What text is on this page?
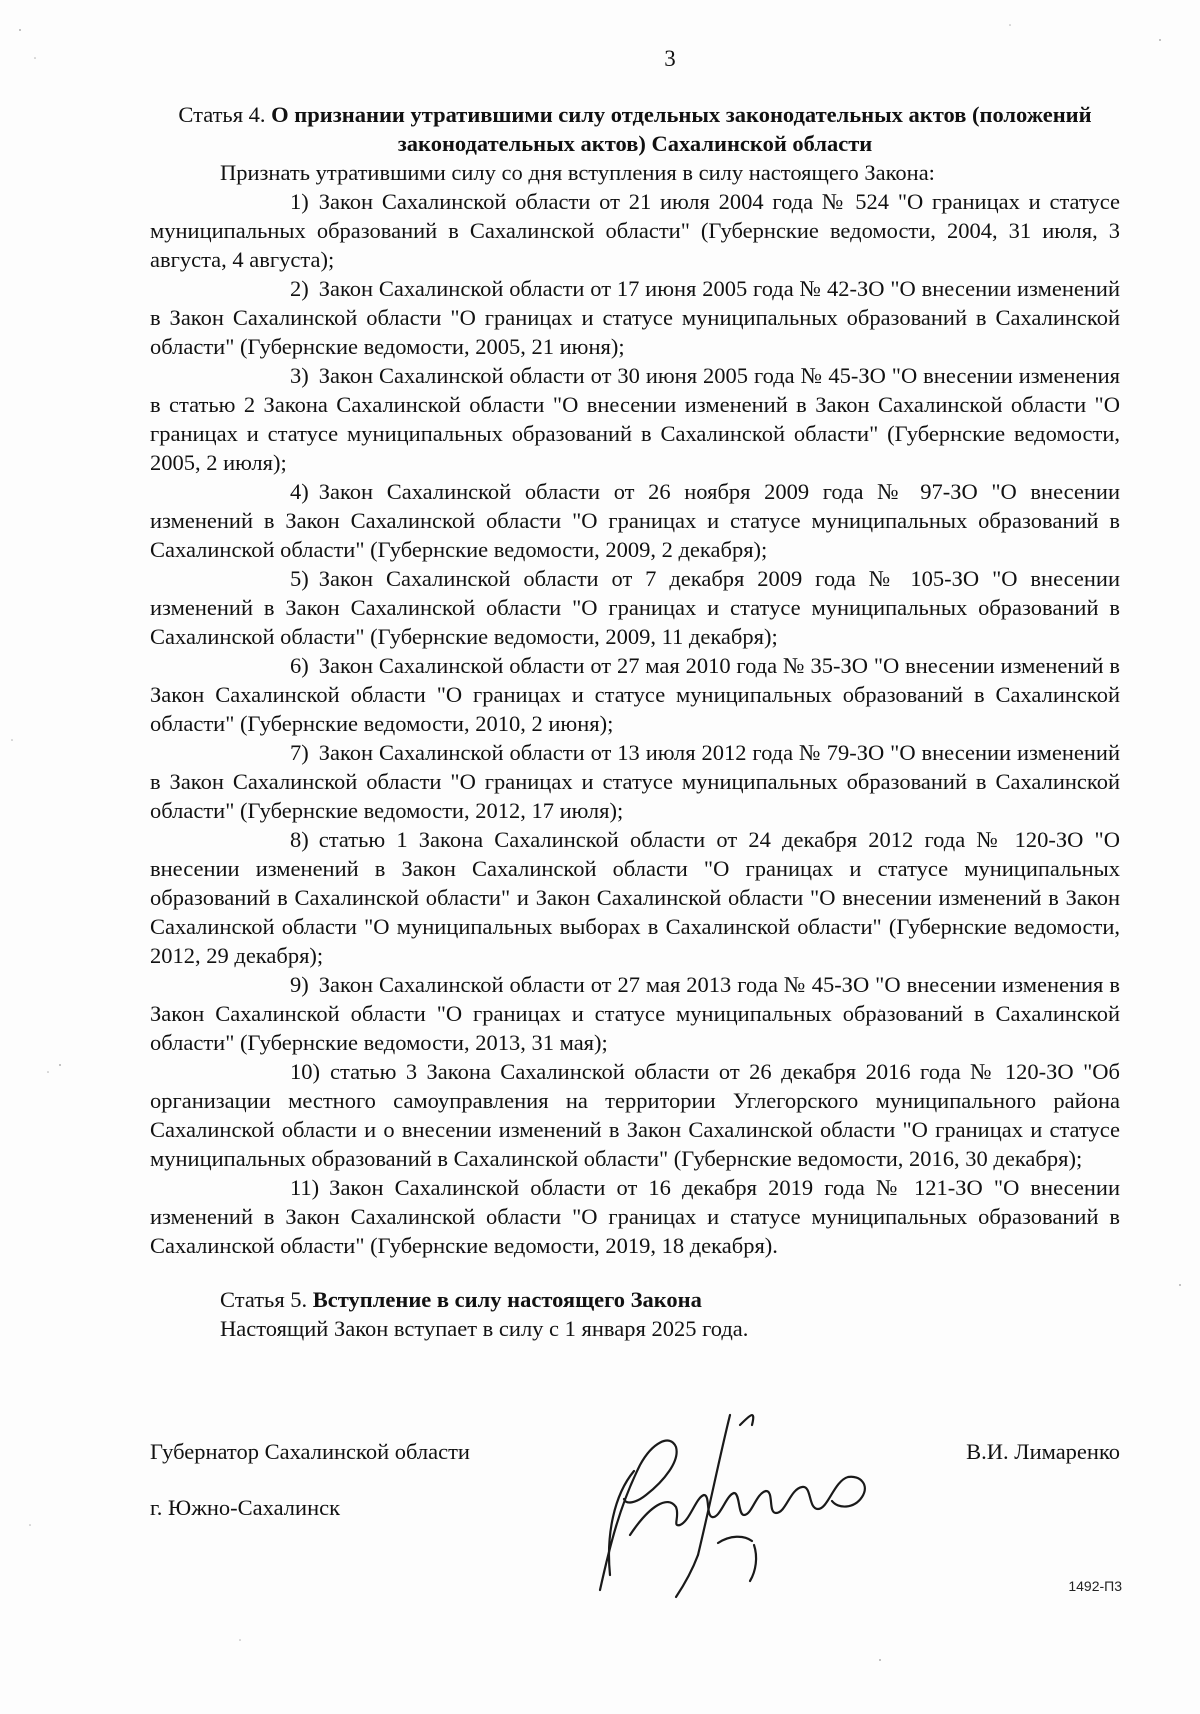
3

Статья 4. О признании утратившими силу отдельных законодательных актов (положений законодательных актов) Сахалинской области

Признать утратившими силу со дня вступления в силу настоящего Закона:

1) Закон Сахалинской области от 21 июля 2004 года № 524 "О границах и статусе муниципальных образований в Сахалинской области" (Губернские ведомости, 2004, 31 июля, 3 августа, 4 августа);
2) Закон Сахалинской области от 17 июня 2005 года № 42-ЗО "О внесении изменений в Закон Сахалинской области "О границах и статусе муниципальных образований в Сахалинской области" (Губернские ведомости, 2005, 21 июня);
3) Закон Сахалинской области от 30 июня 2005 года № 45-ЗО "О внесении изменения в статью 2 Закона Сахалинской области "О внесении изменений в Закон Сахалинской области "О границах и статусе муниципальных образований в Сахалинской области" (Губернские ведомости, 2005, 2 июля);
4) Закон Сахалинской области от 26 ноября 2009 года № 97-ЗО "О внесении изменений в Закон Сахалинской области "О границах и статусе муниципальных образований в Сахалинской области" (Губернские ведомости, 2009, 2 декабря);
5) Закон Сахалинской области от 7 декабря 2009 года № 105-ЗО "О внесении изменений в Закон Сахалинской области "О границах и статусе муниципальных образований в Сахалинской области" (Губернские ведомости, 2009, 11 декабря);
6) Закон Сахалинской области от 27 мая 2010 года № 35-ЗО "О внесении изменений в Закон Сахалинской области "О границах и статусе муниципальных образований в Сахалинской области" (Губернские ведомости, 2010, 2 июня);
7) Закон Сахалинской области от 13 июля 2012 года № 79-ЗО "О внесении изменений в Закон Сахалинской области "О границах и статусе муниципальных образований в Сахалинской области" (Губернские ведомости, 2012, 17 июля);
8) статью 1 Закона Сахалинской области от 24 декабря 2012 года № 120-ЗО "О внесении изменений в Закон Сахалинской области "О границах и статусе муниципальных образований в Сахалинской области" и Закон Сахалинской области "О внесении изменений в Закон Сахалинской области "О муниципальных выборах в Сахалинской области" (Губернские ведомости, 2012, 29 декабря);
9) Закон Сахалинской области от 27 мая 2013 года № 45-ЗО "О внесении изменения в Закон Сахалинской области "О границах и статусе муниципальных образований в Сахалинской области" (Губернские ведомости, 2013, 31 мая);
10) статью 3 Закона Сахалинской области от 26 декабря 2016 года № 120-ЗО "Об организации местного самоуправления на территории Углегорского муниципального района Сахалинской области и о внесении изменений в Закон Сахалинской области "О границах и статусе муниципальных образований в Сахалинской области" (Губернские ведомости, 2016, 30 декабря);
11) Закон Сахалинской области от 16 декабря 2019 года № 121-ЗО "О внесении изменений в Закон Сахалинской области "О границах и статусе муниципальных образований в Сахалинской области" (Губернские ведомости, 2019, 18 декабря).

Статья 5. Вступление в силу настоящего Закона

Настоящий Закон вступает в силу с 1 января 2025 года.

Губернатор Сахалинской области	В.И. Лимаренко
г. Южно-Сахалинск
1492-П3
